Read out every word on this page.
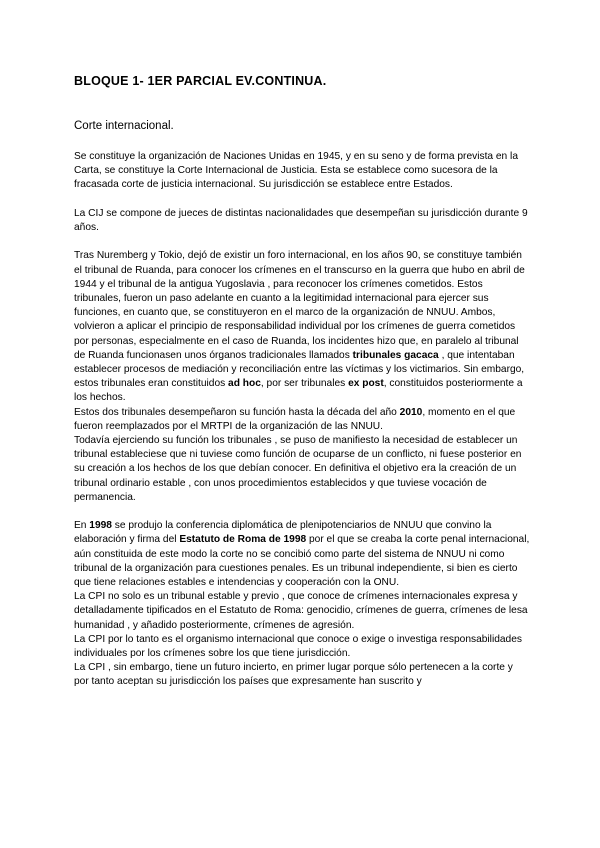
BLOQUE 1- 1ER PARCIAL EV.CONTINUA.
Corte internacional.

Se constituye la organización de Naciones Unidas en 1945, y en su seno y de forma prevista en la Carta, se constituye la Corte Internacional de Justicia. Esta se establece como sucesora de la fracasada corte de justicia internacional. Su jurisdicción se establece entre Estados.

La CIJ se compone de jueces de distintas nacionalidades que desempeñan su jurisdicción durante 9 años.

Tras Nuremberg y Tokio, dejó de existir un foro internacional, en los años 90, se constituye también el tribunal de Ruanda, para conocer los crímenes en el transcurso en la guerra que hubo en abril de 1944 y el tribunal de la antigua Yugoslavia , para reconocer los crímenes cometidos. Estos tribunales, fueron un paso adelante en cuanto a la legitimidad internacional para ejercer sus funciones, en cuanto que, se constituyeron en el marco de la organización de NNUU. Ambos, volvieron a aplicar el principio de responsabilidad individual por los crímenes de guerra cometidos por personas, especialmente en el caso de Ruanda, los incidentes hizo que, en paralelo al tribunal de Ruanda funcionasen unos órganos tradicionales llamados tribunales gacaca , que intentaban establecer procesos de mediación y reconciliación entre las víctimas y los victimarios. Sin embargo, estos tribunales eran constituidos ad hoc, por ser tribunales ex post, constituidos posteriormente a los hechos.

Estos dos tribunales desempeñaron su función hasta la década del año 2010, momento en el que fueron reemplazados por el MRTPI de la organización de las NNUU.

Todavía ejerciendo su función los tribunales , se puso de manifiesto la necesidad de establecer un tribunal estableciese que ni tuviese como función de ocuparse de un conflicto, ni fuese posterior en su creación a los hechos de los que debían conocer. En definitiva el objetivo era la creación de un tribunal ordinario estable , con unos procedimientos establecidos y que tuviese vocación de permanencia.

En 1998 se produjo la conferencia diplomática de plenipotenciarios de NNUU que convino la elaboración y firma del Estatuto de Roma de 1998 por el que se creaba la corte penal internacional, aún constituida de este modo la corte no se concibió como parte del sistema de NNUU ni como tribunal de la organización para cuestiones penales. Es un tribunal independiente, si bien es cierto que tiene relaciones estables e intendencias y cooperación con la ONU.

La CPI no solo es un tribunal estable y previo , que conoce de crímenes internacionales expresa y detalladamente tipificados en el Estatuto de Roma: genocidio, crímenes de guerra, crímenes de lesa humanidad , y añadido posteriormente, crímenes de agresión.

La CPI por lo tanto es el organismo internacional que conoce o exige o investiga responsabilidades individuales por los crímenes sobre los que tiene jurisdicción.

La CPI , sin embargo, tiene un futuro incierto, en primer lugar porque sólo pertenecen a la corte y por tanto aceptan su jurisdicción los países que expresamente han suscrito y
